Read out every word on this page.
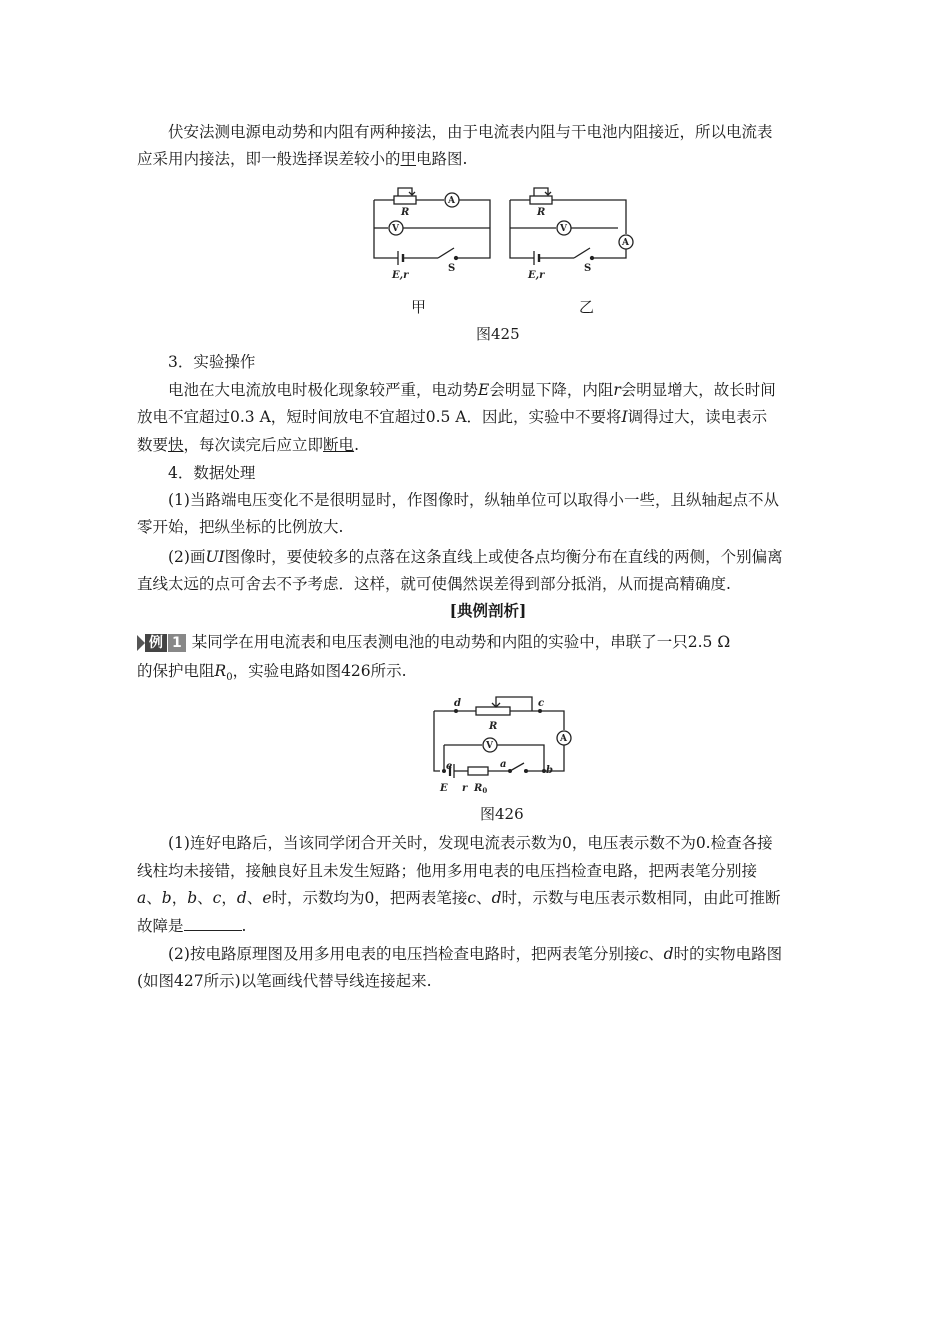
伏安法测电源电动势和内阻有两种接法，由于电流表内阻与干电池内阻接近，所以电流表

应采用内接法，即一般选择误差较小的甲电路图.

R
A
V
E,r
S
R
A
V
E,r
S
甲	乙
图425

3．实验操作

电池在大电流放电时极化现象较严重，电动势E会明显下降，内阻r会明显增大，故长时间

放电不宜超过0.3 A，短时间放电不宜超过0.5 A．因此，实验中不要将I调得过大，读电表示

数要快，每次读完后应立即断电.

4．数据处理

(1)当路端电压变化不是很明显时，作图像时，纵轴单位可以取得小一些，且纵轴起点不从

零开始，把纵坐标的比例放大.

(2)画UI图像时，要使较多的点落在这条直线上或使各点均衡分布在直线的两侧，个别偏离

直线太远的点可舍去不予考虑．这样，就可使偶然误差得到部分抵消，从而提高精确度.

[典例剖析]

例 1 某同学在用电流表和电压表测电池的电动势和内阻的实验中，串联了一只2.5 Ω

的保护电阻$R_0$，实验电路如图426所示.

d	c
R
A
V
e	a
b
E r $R_0$
图426

(1)连好电路后，当该同学闭合开关时，发现电流表示数为0，电压表示数不为0.检查各接

线柱均未接错，接触良好且未发生短路；他用多用电表的电压挡检查电路，把两表笔分别接

a、b，b、c，d、e时，示数均为0，把两表笔接c、d时，示数与电压表示数相同，由此可推断

故障是	.

(2)按电路原理图及用多用电表的电压挡检查电路时，把两表笔分别接c、d时的实物电路图

(如图427所示)以笔画线代替导线连接起来.
